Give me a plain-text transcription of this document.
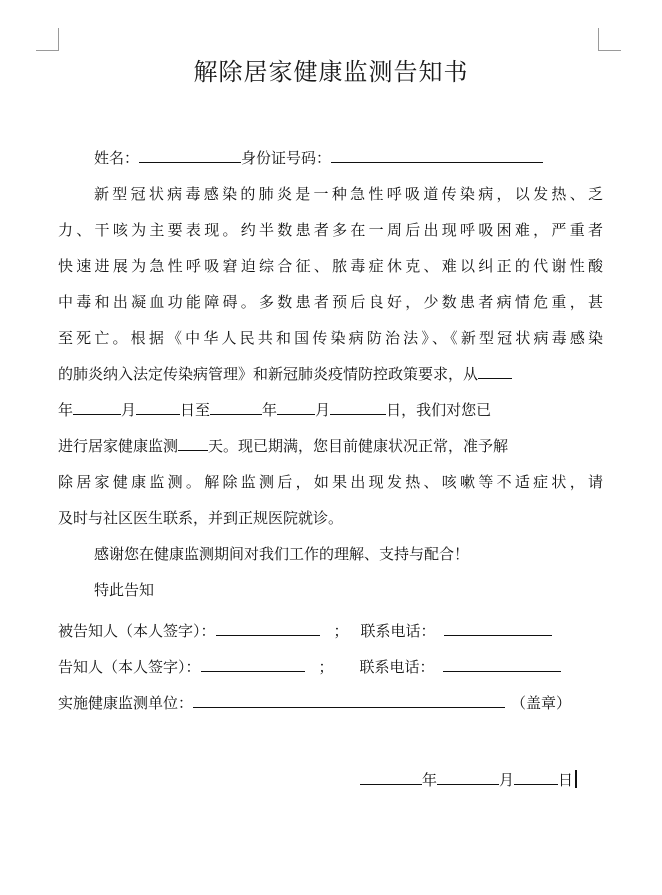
解除居家健康监测告知书
姓名：	身份证号码：
新型冠状病毒感染的肺炎是一种急性呼吸道传染病，以发热、乏
力、干咳为主要表现。约半数患者多在一周后出现呼吸困难，严重者
快速进展为急性呼吸窘迫综合征、脓毒症休克、难以纠正的代谢性酸
中毒和出凝血功能障碍。多数患者预后良好，少数患者病情危重，甚
至死亡。根据《中华人民共和国传染病防治法》、《新型冠状病毒感染
的肺炎纳入法定传染病管理》和新冠肺炎疫情防控政策要求，从
年	月	日至	年	月	日，我们对您已
进行居家健康监测 天。现已期满，您目前健康状况正常，准予解
除居家健康监测。解除监测后，如果出现发热、咳嗽等不适症状，请
及时与社区医生联系，并到正规医院就诊。
感谢您在健康监测期间对我们工作的理解、支持与配合！
特此告知
被告知人（本人签字）：	； 联系电话：
告知人（本人签字）：	； 联系电话：
实施健康监测单位：	（盖章）
年	月	日
